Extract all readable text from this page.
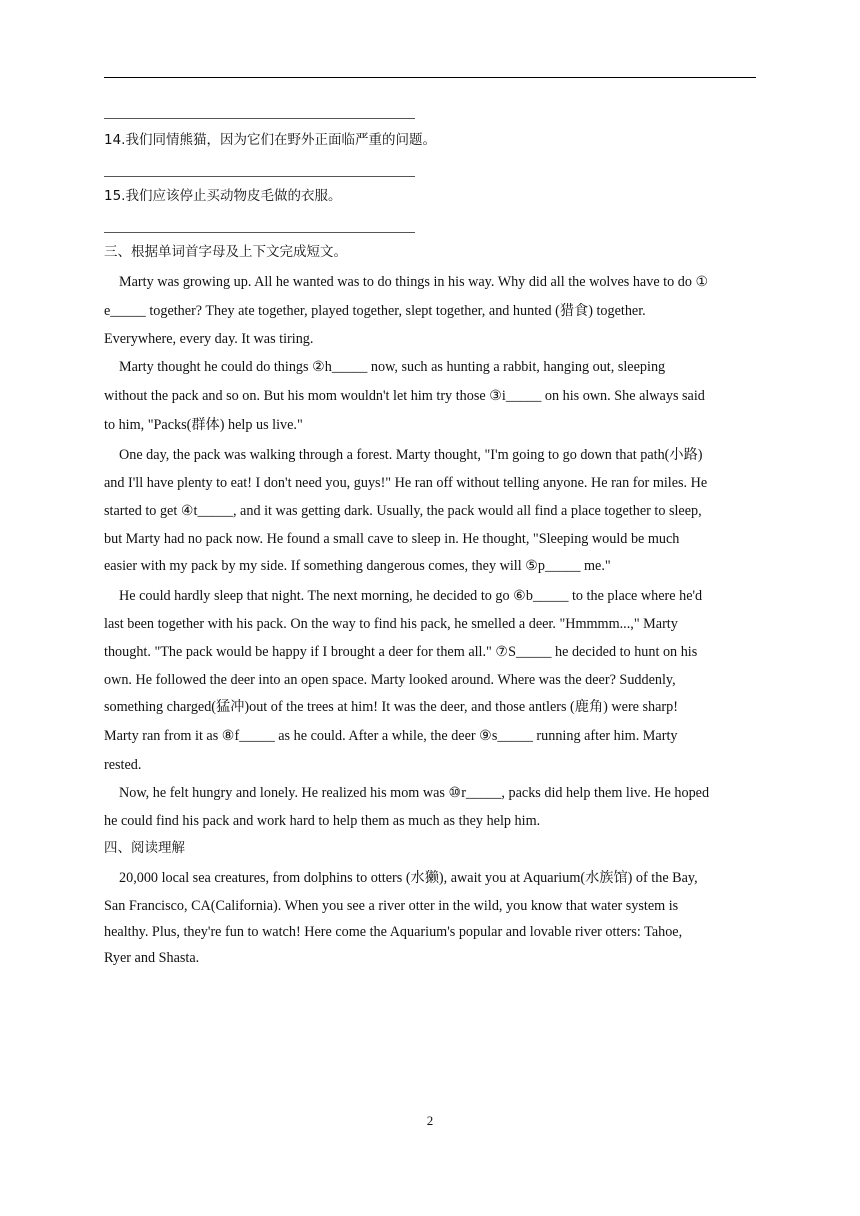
14.我们同情熊猫，因为它们在野外正面临严重的问题。
15.我们应该停止买动物皮毛做的衣服。
三、根据单词首字母及上下文完成短文。
Marty was growing up. All he wanted was to do things in his way. Why did all the wolves have to do ①
e_____ together? They ate together, played together, slept together, and hunted (猎食) together.
Everywhere, every day. It was tiring.
Marty thought he could do things ②h_____ now, such as hunting a rabbit, hanging out, sleeping
without the pack and so on. But his mom wouldn't let him try those ③i_____ on his own. She always said
to him, "Packs(群体) help us live."
One day, the pack was walking through a forest. Marty thought, "I'm going to go down that path(小路)
and I'll have plenty to eat! I don't need you, guys!" He ran off without telling anyone. He ran for miles. He
started to get ④t_____, and it was getting dark. Usually, the pack would all find a place together to sleep,
but Marty had no pack now. He found a small cave to sleep in. He thought, "Sleeping would be much
easier with my pack by my side. If something dangerous comes, they will ⑤p_____ me."
He could hardly sleep that night. The next morning, he decided to go ⑥b_____ to the place where he'd
last been together with his pack. On the way to find his pack, he smelled a deer. "Hmmmm...," Marty
thought. "The pack would be happy if I brought a deer for them all." ⑦S_____ he decided to hunt on his
own. He followed the deer into an open space. Marty looked around. Where was the deer? Suddenly,
something charged(猛冲)out of the trees at him! It was the deer, and those antlers (鹿角) were sharp!
Marty ran from it as ⑧f_____ as he could. After a while, the deer ⑨s_____ running after him. Marty
rested.
Now, he felt hungry and lonely. He realized his mom was ⑩r_____, packs did help them live. He hoped
he could find his pack and work hard to help them as much as they help him.
四、阅读理解
20,000 local sea creatures, from dolphins to otters (水獭), await you at Aquarium(水族馆) of the Bay,
San Francisco, CA(California). When you see a river otter in the wild, you know that water system is
healthy. Plus, they're fun to watch! Here come the Aquarium's popular and lovable river otters: Tahoe,
Ryer and Shasta.
2
